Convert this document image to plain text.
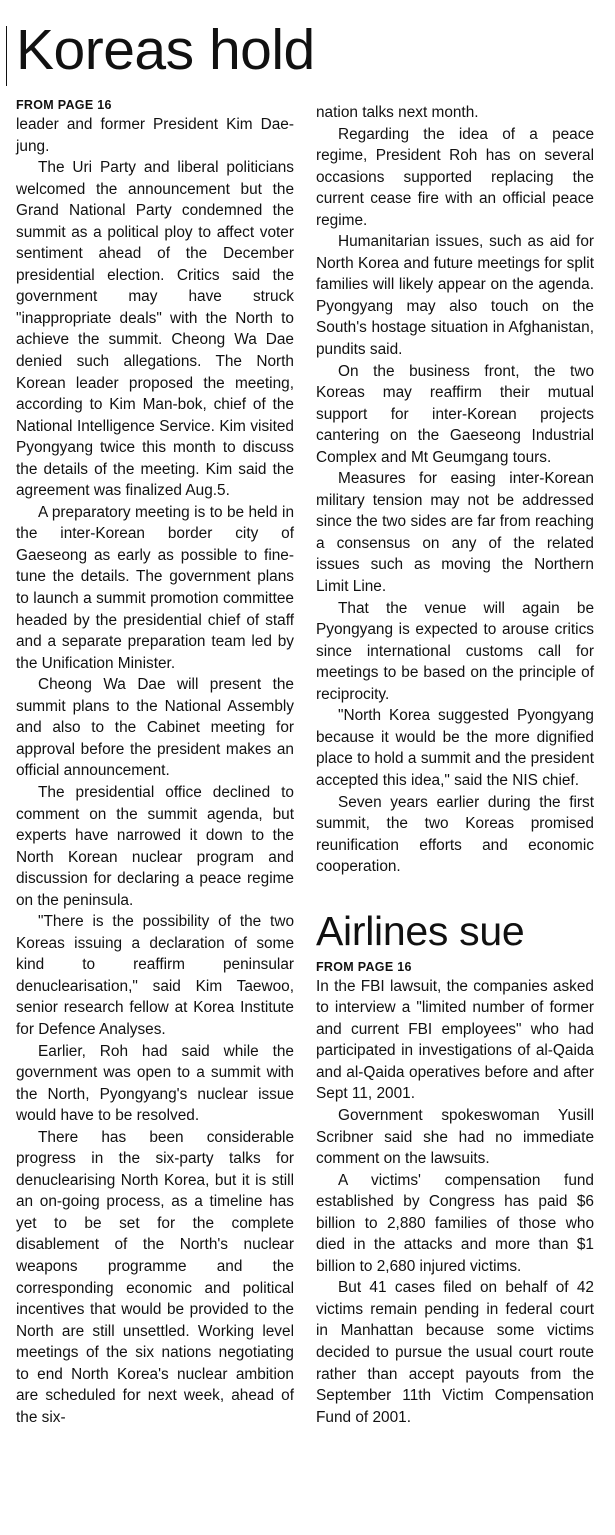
Koreas hold
FROM PAGE 16

leader and former President Kim Dae-jung.

The Uri Party and liberal politicians welcomed the announcement but the Grand National Party condemned the summit as a political ploy to affect voter sentiment ahead of the December presidential election. Critics said the government may have struck "inappropriate deals" with the North to achieve the summit. Cheong Wa Dae denied such allegations. The North Korean leader proposed the meeting, according to Kim Man-bok, chief of the National Intelligence Service. Kim visited Pyongyang twice this month to discuss the details of the meeting. Kim said the agreement was finalized Aug.5.

A preparatory meeting is to be held in the inter-Korean border city of Gaeseong as early as possible to fine-tune the details. The government plans to launch a summit promotion committee headed by the presidential chief of staff and a separate preparation team led by the Unification Minister.

Cheong Wa Dae will present the summit plans to the National Assembly and also to the Cabinet meeting for approval before the president makes an official announcement.

The presidential office declined to comment on the summit agenda, but experts have narrowed it down to the North Korean nuclear program and discussion for declaring a peace regime on the peninsula.

"There is the possibility of the two Koreas issuing a declaration of some kind to reaffirm peninsular denuclearisation," said Kim Taewoo, senior research fellow at Korea Institute for Defence Analyses.

Earlier, Roh had said while the government was open to a summit with the North, Pyongyang's nuclear issue would have to be resolved.

There has been considerable progress in the six-party talks for denuclearising North Korea, but it is still an on-going process, as a timeline has yet to be set for the complete disablement of the North's nuclear weapons programme and the corresponding economic and political incentives that would be provided to the North are still unsettled. Working level meetings of the six nations negotiating to end North Korea's nuclear ambition are scheduled for next week, ahead of the six-

nation talks next month.

Regarding the idea of a peace regime, President Roh has on several occasions supported replacing the current cease fire with an official peace regime.

Humanitarian issues, such as aid for North Korea and future meetings for split families will likely appear on the agenda. Pyongyang may also touch on the South's hostage situation in Afghanistan, pundits said.

On the business front, the two Koreas may reaffirm their mutual support for inter-Korean projects cantering on the Gaeseong Industrial Complex and Mt Geumgang tours.

Measures for easing inter-Korean military tension may not be addressed since the two sides are far from reaching a consensus on any of the related issues such as moving the Northern Limit Line.

That the venue will again be Pyongyang is expected to arouse critics since international customs call for meetings to be based on the principle of reciprocity.

"North Korea suggested Pyongyang because it would be the more dignified place to hold a summit and the president accepted this idea," said the NIS chief.

Seven years earlier during the first summit, the two Koreas promised reunification efforts and economic cooperation.

Airlines sue
FROM PAGE 16

In the FBI lawsuit, the companies asked to interview a "limited number of former and current FBI employees" who had participated in investigations of al-Qaida and al-Qaida operatives before and after Sept 11, 2001.

Government spokeswoman Yusill Scribner said she had no immediate comment on the lawsuits.

A victims' compensation fund established by Congress has paid $6 billion to 2,880 families of those who died in the attacks and more than $1 billion to 2,680 injured victims.

But 41 cases filed on behalf of 42 victims remain pending in federal court in Manhattan because some victims decided to pursue the usual court route rather than accept payouts from the September 11th Victim Compensation Fund of 2001.
